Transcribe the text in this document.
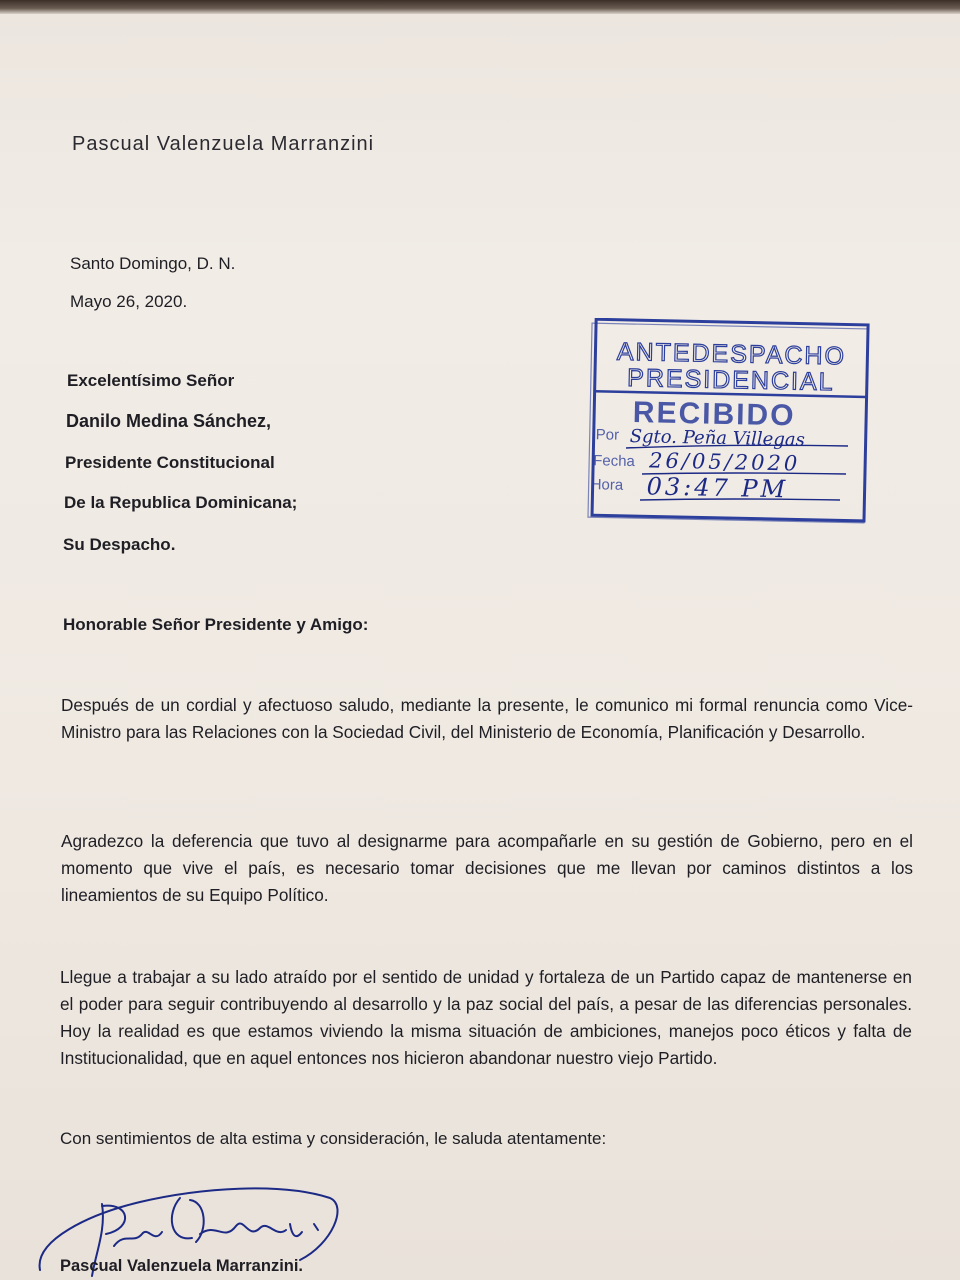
Pascual Valenzuela Marranzini
Santo Domingo, D. N.
Mayo 26, 2020.
Excelentísimo Señor
Danilo Medina Sánchez,
Presidente Constitucional
De la Republica Dominicana;
Su Despacho.
Honorable Señor Presidente y Amigo:
Después de un cordial y afectuoso saludo, mediante la presente, le comunico mi formal renuncia como Vice-Ministro para las Relaciones con la Sociedad Civil, del Ministerio de Economía, Planificación y Desarrollo.
Agradezco la deferencia que tuvo al designarme para acompañarle en su gestión de Gobierno, pero en el momento que vive el país, es necesario tomar decisiones que me llevan por caminos distintos a los lineamientos de su Equipo Político.
Llegue a trabajar a su lado atraído por el sentido de unidad y fortaleza de un Partido capaz de mantenerse en el poder para seguir contribuyendo al desarrollo y la paz social del país, a pesar de las diferencias personales. Hoy la realidad es que estamos viviendo la misma situación de ambiciones, manejos poco éticos y falta de Institucionalidad, que en aquel entonces nos hicieron abandonar nuestro viejo Partido.
Con sentimientos de alta estima y consideración, le saluda atentamente:
ANTEDESPACHO
PRESIDENCIAL
RECIBIDO
Por
Fecha
Hora
Sgto. Peña Villegas
26/05/2020
03:47 PM
Pascual Valenzuela Marranzini.
